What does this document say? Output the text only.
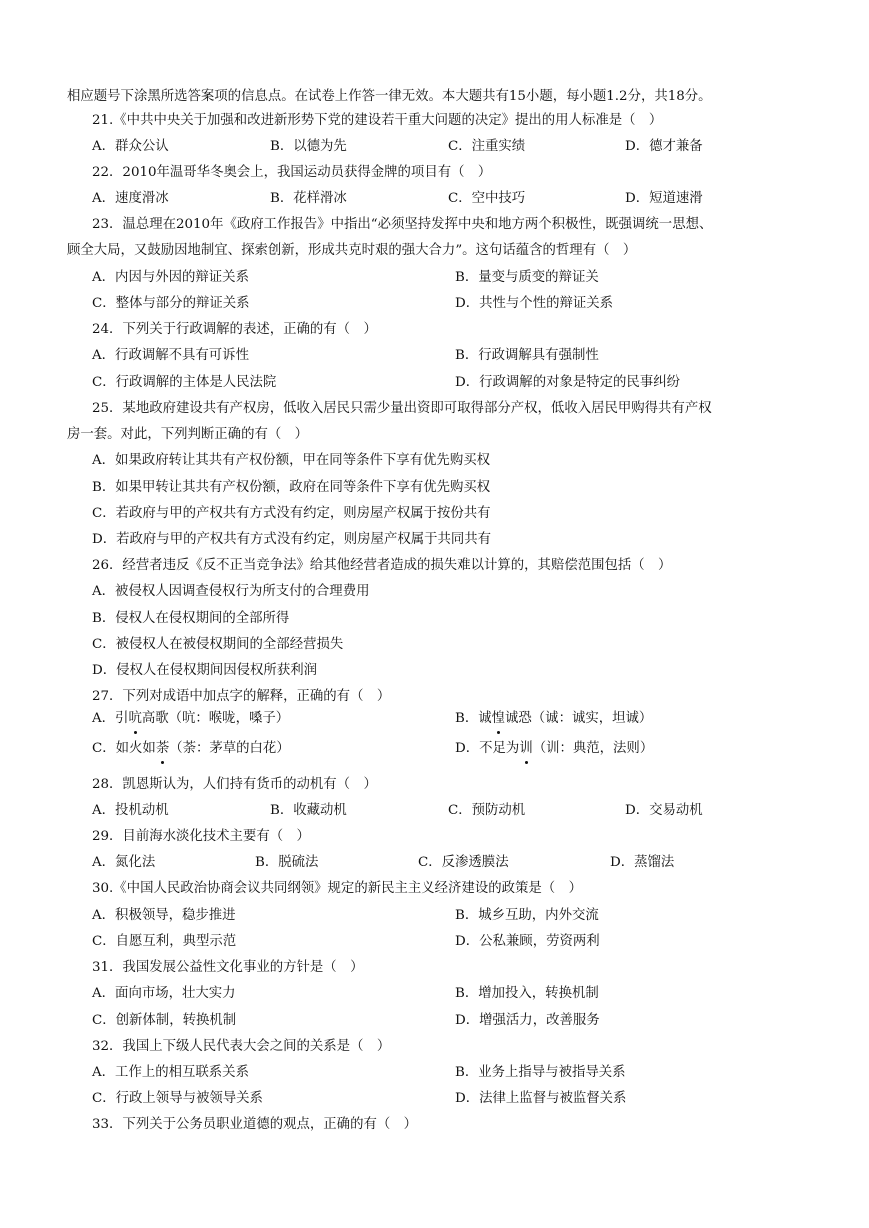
相应题号下涂黑所选答案项的信息点。在试卷上作答一律无效。本大题共有15小题，每小题1.2分，共18分。
21.《中共中央关于加强和改进新形势下党的建设若干重大问题的决定》提出的用人标准是（　）
A．群众公认	B．以德为先	C．注重实绩	D．德才兼备
22．2010年温哥华冬奥会上，我国运动员获得金牌的项目有（　）
A．速度滑冰	B．花样滑冰	C．空中技巧	D．短道速滑
23．温总理在2010年《政府工作报告》中指出“必须坚持发挥中央和地方两个积极性，既强调统一思想、
顾全大局，又鼓励因地制宜、探索创新，形成共克时艰的强大合力”。这句话蕴含的哲理有（　）
A．内因与外因的辩证关系	B．量变与质变的辩证关
C．整体与部分的辩证关系	D．共性与个性的辩证关系
24．下列关于行政调解的表述，正确的有（　）
A．行政调解不具有可诉性	B．行政调解具有强制性
C．行政调解的主体是人民法院	D．行政调解的对象是特定的民事纠纷
25．某地政府建设共有产权房，低收入居民只需少量出资即可取得部分产权，低收入居民甲购得共有产权
房一套。对此，下列判断正确的有（　）
A．如果政府转让其共有产权份额，甲在同等条件下享有优先购买权
B．如果甲转让其共有产权份额，政府在同等条件下享有优先购买权
C．若政府与甲的产权共有方式没有约定，则房屋产权属于按份共有
D．若政府与甲的产权共有方式没有约定，则房屋产权属于共同共有
26．经营者违反《反不正当竞争法》给其他经营者造成的损失难以计算的，其赔偿范围包括（　）
A．被侵权人因调查侵权行为所支付的合理费用
B．侵权人在侵权期间的全部所得
C．被侵权人在被侵权期间的全部经营损失
D．侵权人在侵权期间因侵权所获利润
27．下列对成语中加点字的解释，正确的有（　）
A．引吭高歌（吭：喉咙，嗓子）	B．诚惶诚恐（诚：诚实，坦诚）
C．如火如荼（荼：茅草的白花）	D．不足为训（训：典范，法则）
28．凯恩斯认为，人们持有货币的动机有（　）
A．投机动机	B．收藏动机	C．预防动机	D．交易动机
29．目前海水淡化技术主要有（　）
A．氮化法	B．脱硫法	C．反渗透膜法	D．蒸馏法
30.《中国人民政治协商会议共同纲领》规定的新民主主义经济建设的政策是（　）
A．积极领导，稳步推进	B．城乡互助，内外交流
C．自愿互利，典型示范	D．公私兼顾，劳资两利
31．我国发展公益性文化事业的方针是（　）
A．面向市场，壮大实力	B．增加投入，转换机制
C．创新体制，转换机制	D．增强活力，改善服务
32．我国上下级人民代表大会之间的关系是（　）
A．工作上的相互联系关系	B．业务上指导与被指导关系
C．行政上领导与被领导关系	D．法律上监督与被监督关系
33．下列关于公务员职业道德的观点，正确的有（　）
